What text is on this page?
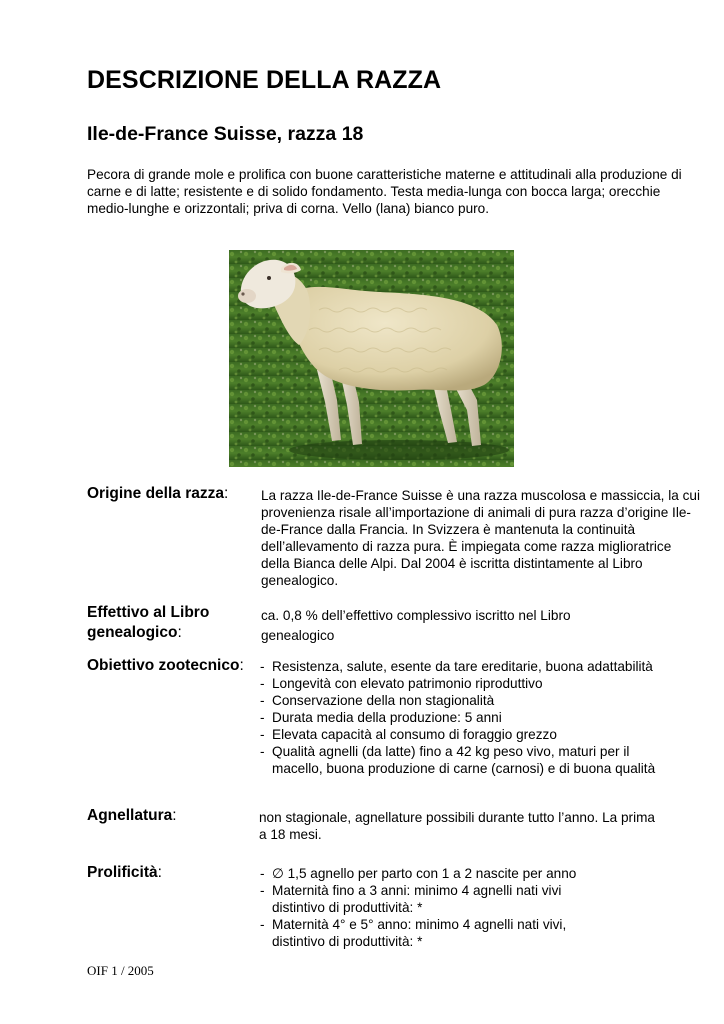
DESCRIZIONE DELLA RAZZA
Ile-de-France Suisse, razza 18

Pecora di grande mole e prolifica con buone caratteristiche materne e attitudinali alla produzione di carne e di latte; resistente e di solido fondamento. Testa media-lunga con bocca larga; orecchie medio-lunghe e orizzontali; priva di corna. Vello (lana) bianco puro.

Origine della razza: La razza Ile-de-France Suisse è una razza muscolosa e massiccia, la cui provenienza risale all’importazione di animali di pura razza d’origine Ile-de-France dalla Francia. In Svizzera è mantenuta la continuità dell’allevamento di razza pura. È impiegata come razza miglioratrice della Bianca delle Alpi. Dal 2004 è iscritta distintamente al Libro genealogico.

Effettivo al Libro
genealogico:

ca. 0,8 % dell’effettivo complessivo iscritto nel Libro genealogico

Obiettivo zootecnico:	- Resistenza, salute, esente da tare ereditarie, buona adattabilità
- Longevità con elevato patrimonio riproduttivo
- Conservazione della non stagionalità
- Durata media della produzione: 5 anni
- Elevata capacità al consumo di foraggio grezzo
- Qualità agnelli (da latte) fino a 42 kg peso vivo, maturi per il macello, buona produzione di carne (carnosi) e di buona qualità

Agnellatura:	non stagionale, agnellature possibili durante tutto l’anno. La prima a 18 mesi.

Prolificità:	- ∅ 1,5 agnello per parto con 1 a 2 nascite per anno
- Maternità fino a 3 anni: minimo 4 agnelli nati vivi distintivo di produttività: *
- Maternità 4° e 5° anno: minimo 4 agnelli nati vivi, distintivo di produttività: *

OIF 1 / 2005
